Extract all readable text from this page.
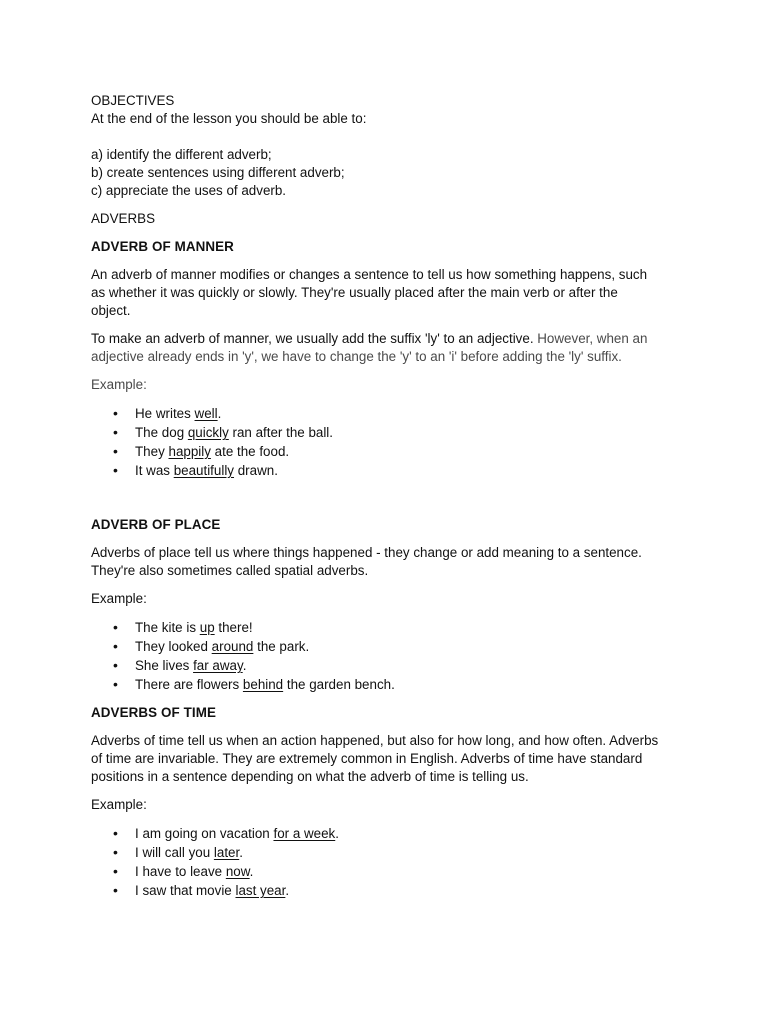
OBJECTIVES

At the end of the lesson you should be able to:

a) identify the different adverb;

b) create sentences using different adverb;

c) appreciate the uses of adverb.

ADVERBS

ADVERB OF MANNER

An adverb of manner modifies or changes a sentence to tell us how something happens, such

as whether it was quickly or slowly. They're usually placed after the main verb or after the

object.

To make an adverb of manner, we usually add the suffix 'ly' to an adjective. However, when an

adjective already ends in 'y', we have to change the 'y' to an 'i' before adding the 'ly' suffix.

Example:

• He writes well.
• The dog quickly ran after the ball.
• They happily ate the food.
• It was beautifully drawn.

ADVERB OF PLACE

Adverbs of place tell us where things happened - they change or add meaning to a sentence.

They're also sometimes called spatial adverbs.

Example:

• The kite is up there!
• They looked around the park.
• She lives far away.
• There are flowers behind the garden bench.

ADVERBS OF TIME

Adverbs of time tell us when an action happened, but also for how long, and how often. Adverbs

of time are invariable. They are extremely common in English. Adverbs of time have standard

positions in a sentence depending on what the adverb of time is telling us.

Example:

• I am going on vacation for a week.
• I will call you later.
• I have to leave now.
• I saw that movie last year.
